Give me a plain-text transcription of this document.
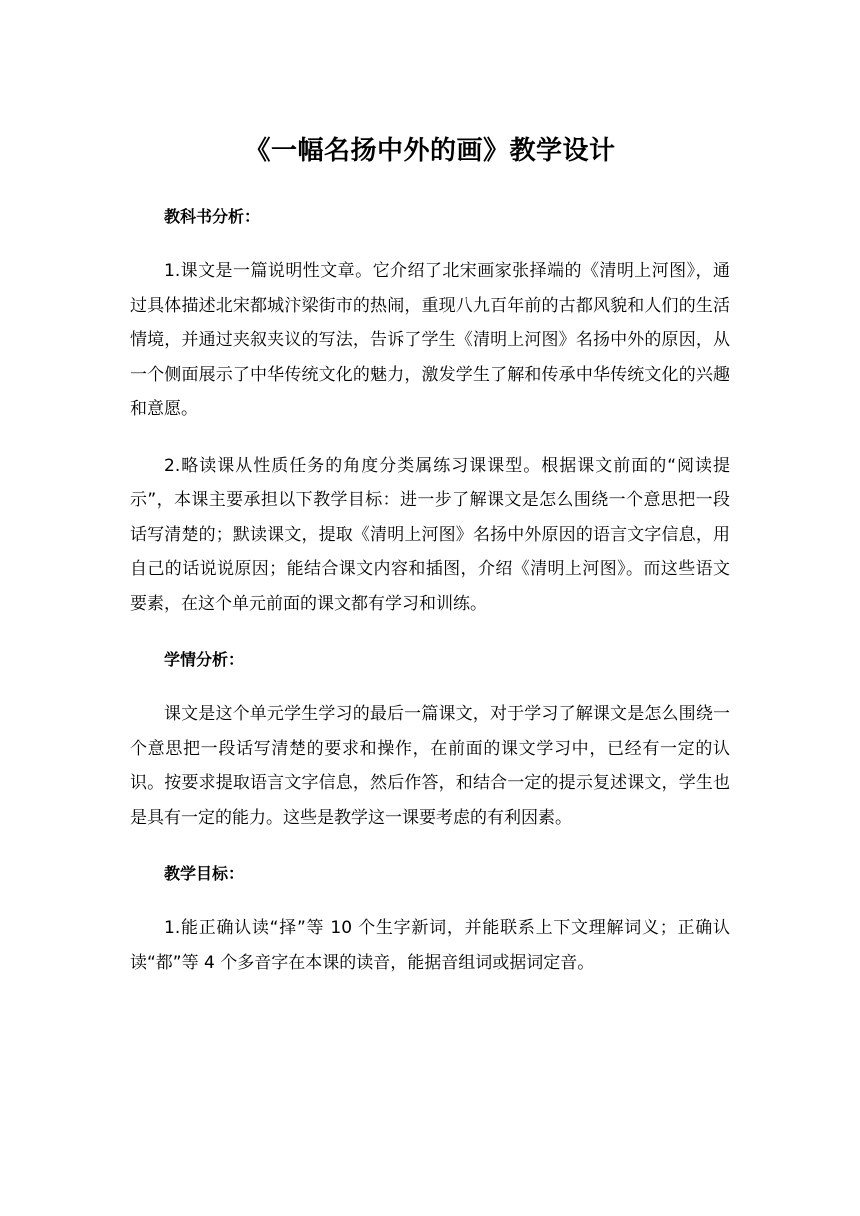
《一幅名扬中外的画》教学设计
教科书分析：

1.课文是一篇说明性文章。它介绍了北宋画家张择端的《清明上河图》，通过具体描述北宋都城汴梁街市的热闹，重现八九百年前的古都风貌和人们的生活情境，并通过夹叙夹议的写法，告诉了学生《清明上河图》名扬中外的原因，从一个侧面展示了中华传统文化的魅力，激发学生了解和传承中华传统文化的兴趣和意愿。

2.略读课从性质任务的角度分类属练习课课型。根据课文前面的“阅读提示”，本课主要承担以下教学目标：进一步了解课文是怎么围绕一个意思把一段话写清楚的；默读课文，提取《清明上河图》名扬中外原因的语言文字信息，用自己的话说说原因；能结合课文内容和插图，介绍《清明上河图》。而这些语文要素，在这个单元前面的课文都有学习和训练。

学情分析：

课文是这个单元学生学习的最后一篇课文，对于学习了解课文是怎么围绕一个意思把一段话写清楚的要求和操作，在前面的课文学习中，已经有一定的认识。按要求提取语言文字信息，然后作答，和结合一定的提示复述课文，学生也是具有一定的能力。这些是教学这一课要考虑的有利因素。

教学目标：

1.能正确认读“择”等 10 个生字新词，并能联系上下文理解词义；正确认读“都”等 4 个多音字在本课的读音，能据音组词或据词定音。
